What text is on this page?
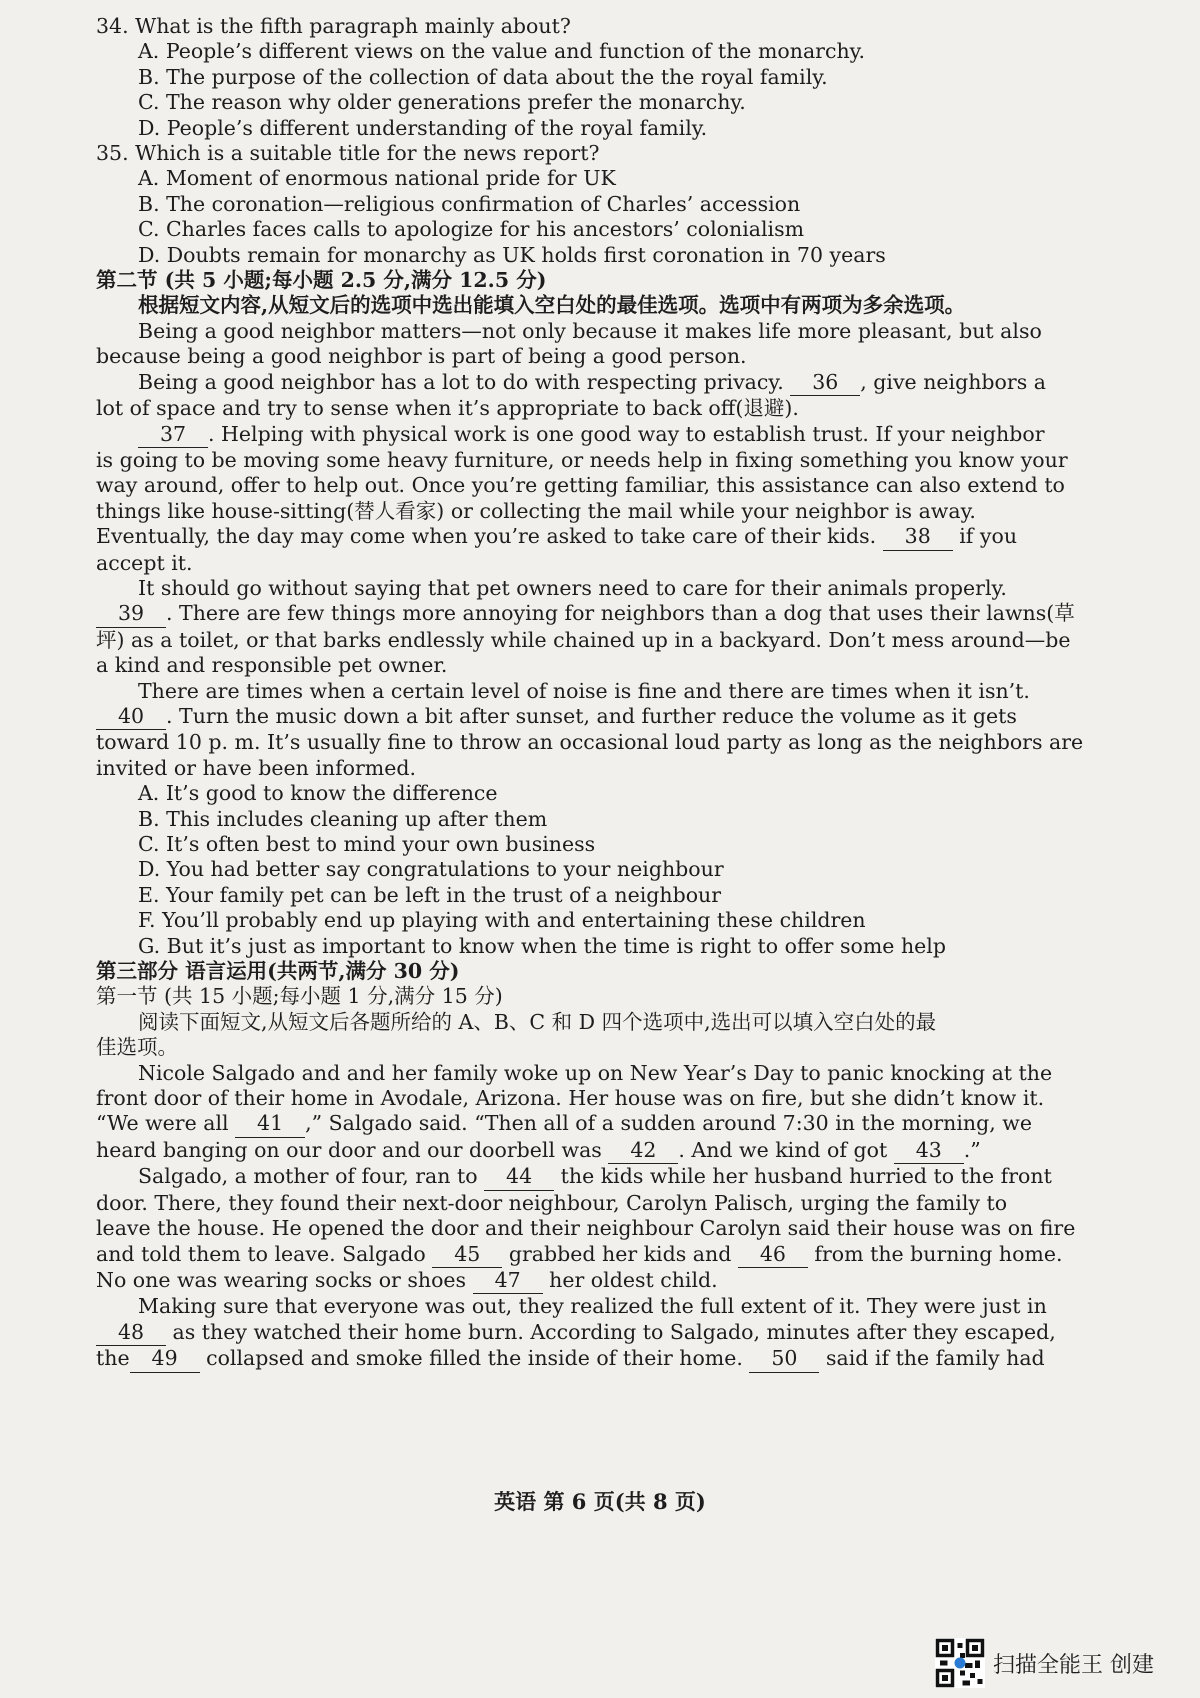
34. What is the fifth paragraph mainly about?
A. People’s different views on the value and function of the monarchy.
B. The purpose of the collection of data about the the royal family.
C. The reason why older generations prefer the monarchy.
D. People’s different understanding of the royal family.
35. Which is a suitable title for the news report?
A. Moment of enormous national pride for UK
B. The coronation—religious confirmation of Charles’ accession
C. Charles faces calls to apologize for his ancestors’ colonialism
D. Doubts remain for monarchy as UK holds first coronation in 70 years
第二节 (共 5 小题;每小题 2.5 分,满分 12.5 分)
根据短文内容,从短文后的选项中选出能填入空白处的最佳选项。选项中有两项为多余选项。
Being a good neighbor matters—not only because it makes life more pleasant, but also
because being a good neighbor is part of being a good person.
Being a good neighbor has a lot to do with respecting privacy. 36 , give neighbors a
lot of space and try to sense when it’s appropriate to back off(退避).
37 . Helping with physical work is one good way to establish trust. If your neighbor
is going to be moving some heavy furniture, or needs help in fixing something you know your
way around, offer to help out. Once you’re getting familiar, this assistance can also extend to
things like house-sitting(替人看家) or collecting the mail while your neighbor is away.
Eventually, the day may come when you’re asked to take care of their kids. 38 if you
accept it.
It should go without saying that pet owners need to care for their animals properly.
39 . There are few things more annoying for neighbors than a dog that uses their lawns(草
坪) as a toilet, or that barks endlessly while chained up in a backyard. Don’t mess around—be
a kind and responsible pet owner.
There are times when a certain level of noise is fine and there are times when it isn’t.
40 . Turn the music down a bit after sunset, and further reduce the volume as it gets
toward 10 p. m. It’s usually fine to throw an occasional loud party as long as the neighbors are
invited or have been informed.
A. It’s good to know the difference
B. This includes cleaning up after them
C. It’s often best to mind your own business
D. You had better say congratulations to your neighbour
E. Your family pet can be left in the trust of a neighbour
F. You’ll probably end up playing with and entertaining these children
G. But it’s just as important to know when the time is right to offer some help
第三部分 语言运用(共两节,满分 30 分)
第一节 (共 15 小题;每小题 1 分,满分 15 分)
阅读下面短文,从短文后各题所给的 A、B、C 和 D 四个选项中,选出可以填入空白处的最
佳选项。
Nicole Salgado and and her family woke up on New Year’s Day to panic knocking at the
front door of their home in Avodale, Arizona. Her house was on fire, but she didn’t know it.
“We were all 41 ,” Salgado said. “Then all of a sudden around 7:30 in the morning, we
heard banging on our door and our doorbell was 42 . And we kind of got 43 .”
Salgado, a mother of four, ran to 44 the kids while her husband hurried to the front
door. There, they found their next-door neighbour, Carolyn Palisch, urging the family to
leave the house. He opened the door and their neighbour Carolyn said their house was on fire
and told them to leave. Salgado 45 grabbed her kids and 46 from the burning home.
No one was wearing socks or shoes 47 her oldest child.
Making sure that everyone was out, they realized the full extent of it. They were just in
48 as they watched their home burn. According to Salgado, minutes after they escaped,
the 49 collapsed and smoke filled the inside of their home. 50 said if the family had
英语 第 6 页(共 8 页)
扫描全能王 创建
